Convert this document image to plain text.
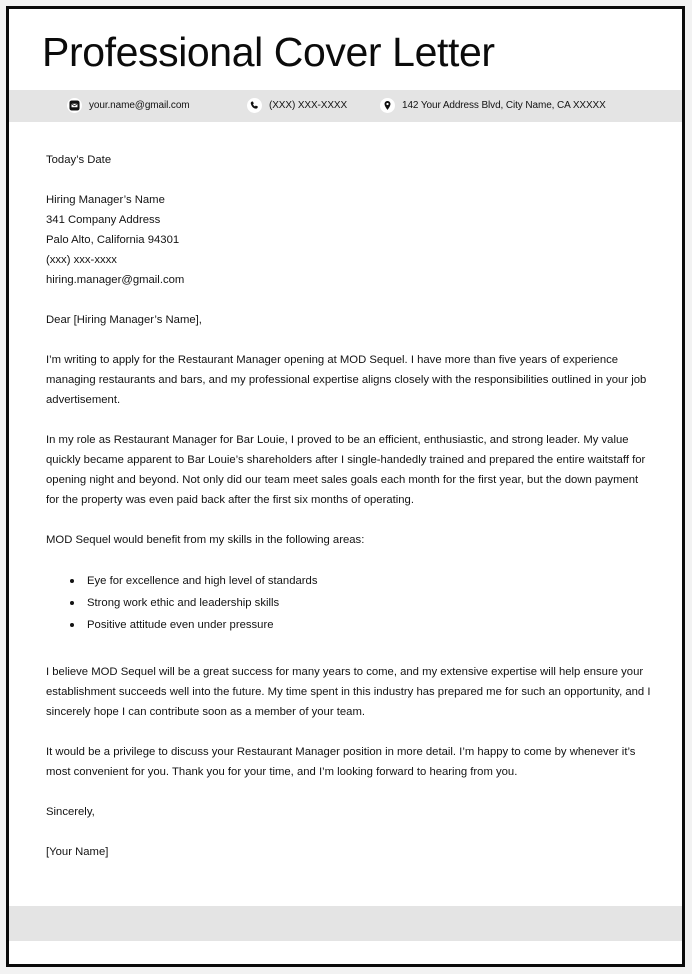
Professional Cover Letter
your.name@gmail.com	(XXX) XXX-XXXX	142 Your Address Blvd, City Name, CA XXXXX
Today’s Date
Hiring Manager’s Name
341 Company Address
Palo Alto, California 94301
(xxx) xxx-xxxx
hiring.manager@gmail.com

Dear [Hiring Manager’s Name],

I’m writing to apply for the Restaurant Manager opening at MOD Sequel. I have more than five years of experience managing restaurants and bars, and my professional expertise aligns closely with the responsibilities outlined in your job advertisement.

In my role as Restaurant Manager for Bar Louie, I proved to be an efficient, enthusiastic, and strong leader. My value quickly became apparent to Bar Louie’s shareholders after I single-handedly trained and prepared the entire waitstaff for opening night and beyond. Not only did our team meet sales goals each month for the first year, but the down payment for the property was even paid back after the first six months of operating.

MOD Sequel would benefit from my skills in the following areas:

Eye for excellence and high level of standards
Strong work ethic and leadership skills
Positive attitude even under pressure

I believe MOD Sequel will be a great success for many years to come, and my extensive expertise will help ensure your establishment succeeds well into the future. My time spent in this industry has prepared me for such an opportunity, and I sincerely hope I can contribute soon as a member of your team.

It would be a privilege to discuss your Restaurant Manager position in more detail. I’m happy to come by whenever it’s most convenient for you. Thank you for your time, and I’m looking forward to hearing from you.

Sincerely,

[Your Name]
